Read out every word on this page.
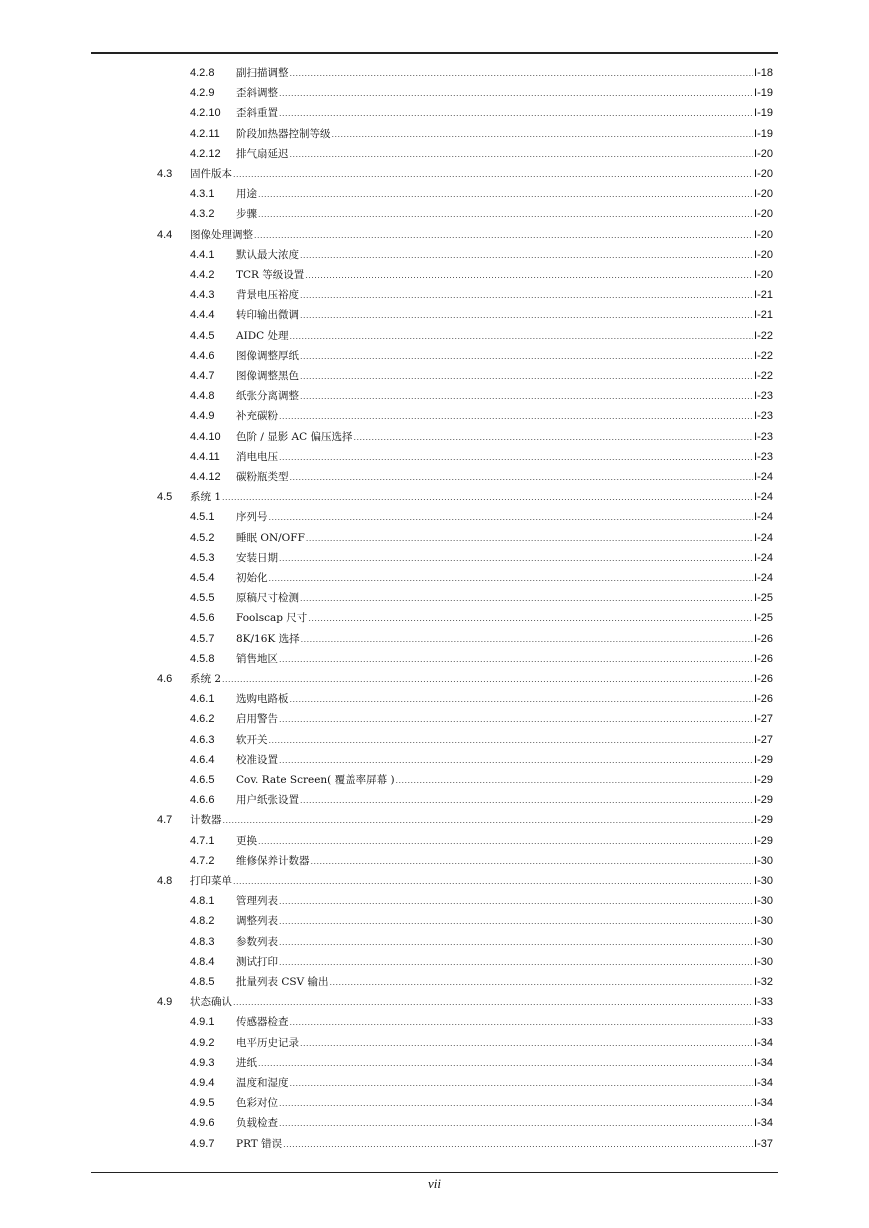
4.2.8	副扫描调整 .....	I-18
4.2.9	歪斜调整 .....	I-19
4.2.10	歪斜重置 .....	I-19
4.2.11	阶段加热器控制等级 .....	I-19
4.2.12	排气扇延迟 .....	I-20
4.3	固件版本 .....	I-20
4.3.1	用途 .....	I-20
4.3.2	步骤 .....	I-20
4.4	图像处理调整 .....	I-20
4.4.1	默认最大浓度 .....	I-20
4.4.2	TCR 等级设置 .....	I-20
4.4.3	背景电压裕度 .....	I-21
4.4.4	转印输出微调 .....	I-21
4.4.5	AIDC 处理 .....	I-22
4.4.6	图像调整厚纸 .....	I-22
4.4.7	图像调整黑色 .....	I-22
4.4.8	纸张分离调整 .....	I-23
4.4.9	补充碳粉 .....	I-23
4.4.10	色阶 / 显影 AC 偏压选择 .....	I-23
4.4.11	消电电压 .....	I-23
4.4.12	碳粉瓶类型 .....	I-24
4.5	系统 1 .....	I-24
4.5.1	序列号 .....	I-24
4.5.2	睡眠 ON/OFF .....	I-24
4.5.3	安装日期 .....	I-24
4.5.4	初始化 .....	I-24
4.5.5	原稿尺寸检测 .....	I-25
4.5.6	Foolscap 尺寸 .....	I-25
4.5.7	8K/16K 选择 .....	I-26
4.5.8	销售地区 .....	I-26
4.6	系统 2 .....	I-26
4.6.1	选购电路板 .....	I-26
4.6.2	启用警告 .....	I-27
4.6.3	软开关 .....	I-27
4.6.4	校准设置 .....	I-29
4.6.5	Cov. Rate Screen( 覆盖率屏幕 ) .....	I-29
4.6.6	用户纸张设置 .....	I-29
4.7	计数器 .....	I-29
4.7.1	更换 .....	I-29
4.7.2	维修保养计数器 .....	I-30
4.8	打印菜单 .....	I-30
4.8.1	管理列表 .....	I-30
4.8.2	调整列表 .....	I-30
4.8.3	参数列表 .....	I-30
4.8.4	测试打印 .....	I-30
4.8.5	批量列表 CSV 输出 .....	I-32
4.9	状态确认 .....	I-33
4.9.1	传感器检查 .....	I-33
4.9.2	电平历史记录 .....	I-34
4.9.3	进纸 .....	I-34
4.9.4	温度和湿度 .....	I-34
4.9.5	色彩对位 .....	I-34
4.9.6	负载检查 .....	I-34
4.9.7	PRT 错误 .....	I-37
vii
